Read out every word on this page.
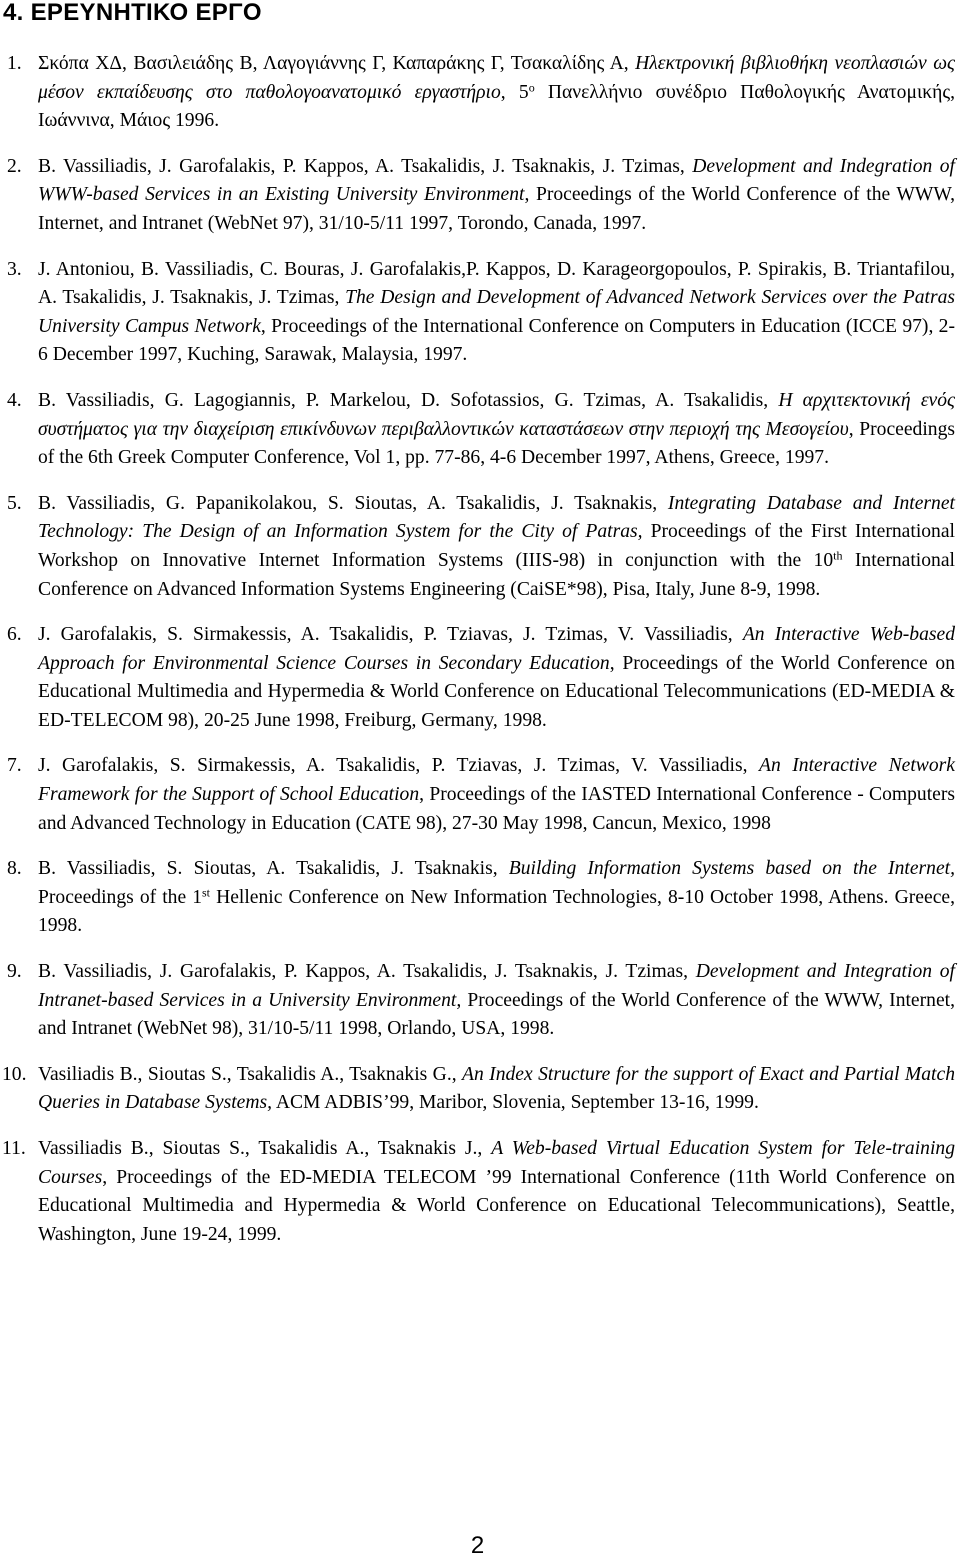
4. ΕΡΕΥΝΗΤΙΚΟ ΕΡΓΟ
1. Σκόπα ΧΔ, Βασιλειάδης Β, Λαγογιάννης Γ, Καπαράκης Γ, Τσακαλίδης Α, Ηλεκτρονική βιβλιοθήκη νεοπλασιών ως μέσον εκπαίδευσης στο παθολογοανατομικό εργαστήριο, $5^o$ Πανελλήνιο συνέδριο Παθολογικής Ανατομικής, Ιωάννινα, Μάιος 1996.
2. B. Vassiliadis, J. Garofalakis, P. Kappos, A. Tsakalidis, J. Tsaknakis, J. Tzimas, Development and Indegration of WWW-based Services in an Existing University Environment, Proceedings of the World Conference of the WWW, Internet, and Intranet (WebNet 97), 31/10-5/11 1997, Torondo, Canada, 1997.
3. J. Antoniou, B. Vassiliadis, C. Bouras, J. Garofalakis,P. Kappos, D. Karageorgopoulos, P. Spirakis, B. Triantafilou, A. Tsakalidis, J. Tsaknakis, J. Tzimas, The Design and Development of Advanced Network Services over the Patras University Campus Network, Proceedings of the International Conference on Computers in Education (ICCE 97), 2-6 December 1997, Kuching, Sarawak, Malaysia, 1997.
4. B. Vassiliadis, G. Lagogiannis, P. Markelou, D. Sofotassios, G. Tzimas, A. Tsakalidis, Η αρχιτεκτονική ενός συστήματος για την διαχείριση επικίνδυνων περιβαλλοντικών καταστάσεων στην περιοχή της Μεσογείου, Proceedings of the 6th Greek Computer Conference, Vol 1, pp. 77-86, 4-6 December 1997, Athens, Greece, 1997.
5. B. Vassiliadis, G. Papanikolakou, S. Sioutas, A. Tsakalidis, J. Tsaknakis, Integrating Database and Internet Technology: The Design of an Information System for the City of Patras, Proceedings of the First International Workshop on Innovative Internet Information Systems (IIIS-98) in conjunction with the 10th International Conference on Advanced Information Systems Engineering (CaiSE*98), Pisa, Italy, June 8-9, 1998.
6. J. Garofalakis, S. Sirmakessis, A. Tsakalidis, P. Tziavas, J. Tzimas, V. Vassiliadis, An Interactive Web-based Approach for Environmental Science Courses in Secondary Education, Proceedings of the World Conference on Educational Multimedia and Hypermedia & World Conference on Educational Telecommunications (ED-MEDIA & ED-TELECOM 98), 20-25 June 1998, Freiburg, Germany, 1998.
7. J. Garofalakis, S. Sirmakessis, A. Tsakalidis, P. Tziavas, J. Tzimas, V. Vassiliadis, An Interactive Network Framework for the Support of School Education, Proceedings of the IASTED International Conference - Computers and Advanced Technology in Education (CATE 98), 27-30 May 1998, Cancun, Mexico, 1998
8. B. Vassiliadis, S. Sioutas, A. Tsakalidis, J. Tsaknakis, Building Information Systems based on the Internet, Proceedings of the 1st Hellenic Conference on New Information Technologies, 8-10 October 1998, Athens. Greece, 1998.
9. B. Vassiliadis, J. Garofalakis, P. Kappos, A. Tsakalidis, J. Tsaknakis, J. Tzimas, Development and Integration of Intranet-based Services in a University Environment, Proceedings of the World Conference of the WWW, Internet, and Intranet (WebNet 98), 31/10-5/11 1998, Orlando, USA, 1998.
10. Vasiliadis B., Sioutas S., Tsakalidis A., Tsaknakis G., An Index Structure for the support of Exact and Partial Match Queries in Database Systems, ACM ADBIS’99, Maribor, Slovenia, September 13-16, 1999.
11. Vassiliadis B., Sioutas S., Tsakalidis A., Tsaknakis J., A Web-based Virtual Education System for Tele-training Courses, Proceedings of the ED-MEDIA TELECOM ’99 International Conference (11th World Conference on Educational Multimedia and Hypermedia & World Conference on Educational Telecommunications), Seattle, Washington, June 19-24, 1999.
2
